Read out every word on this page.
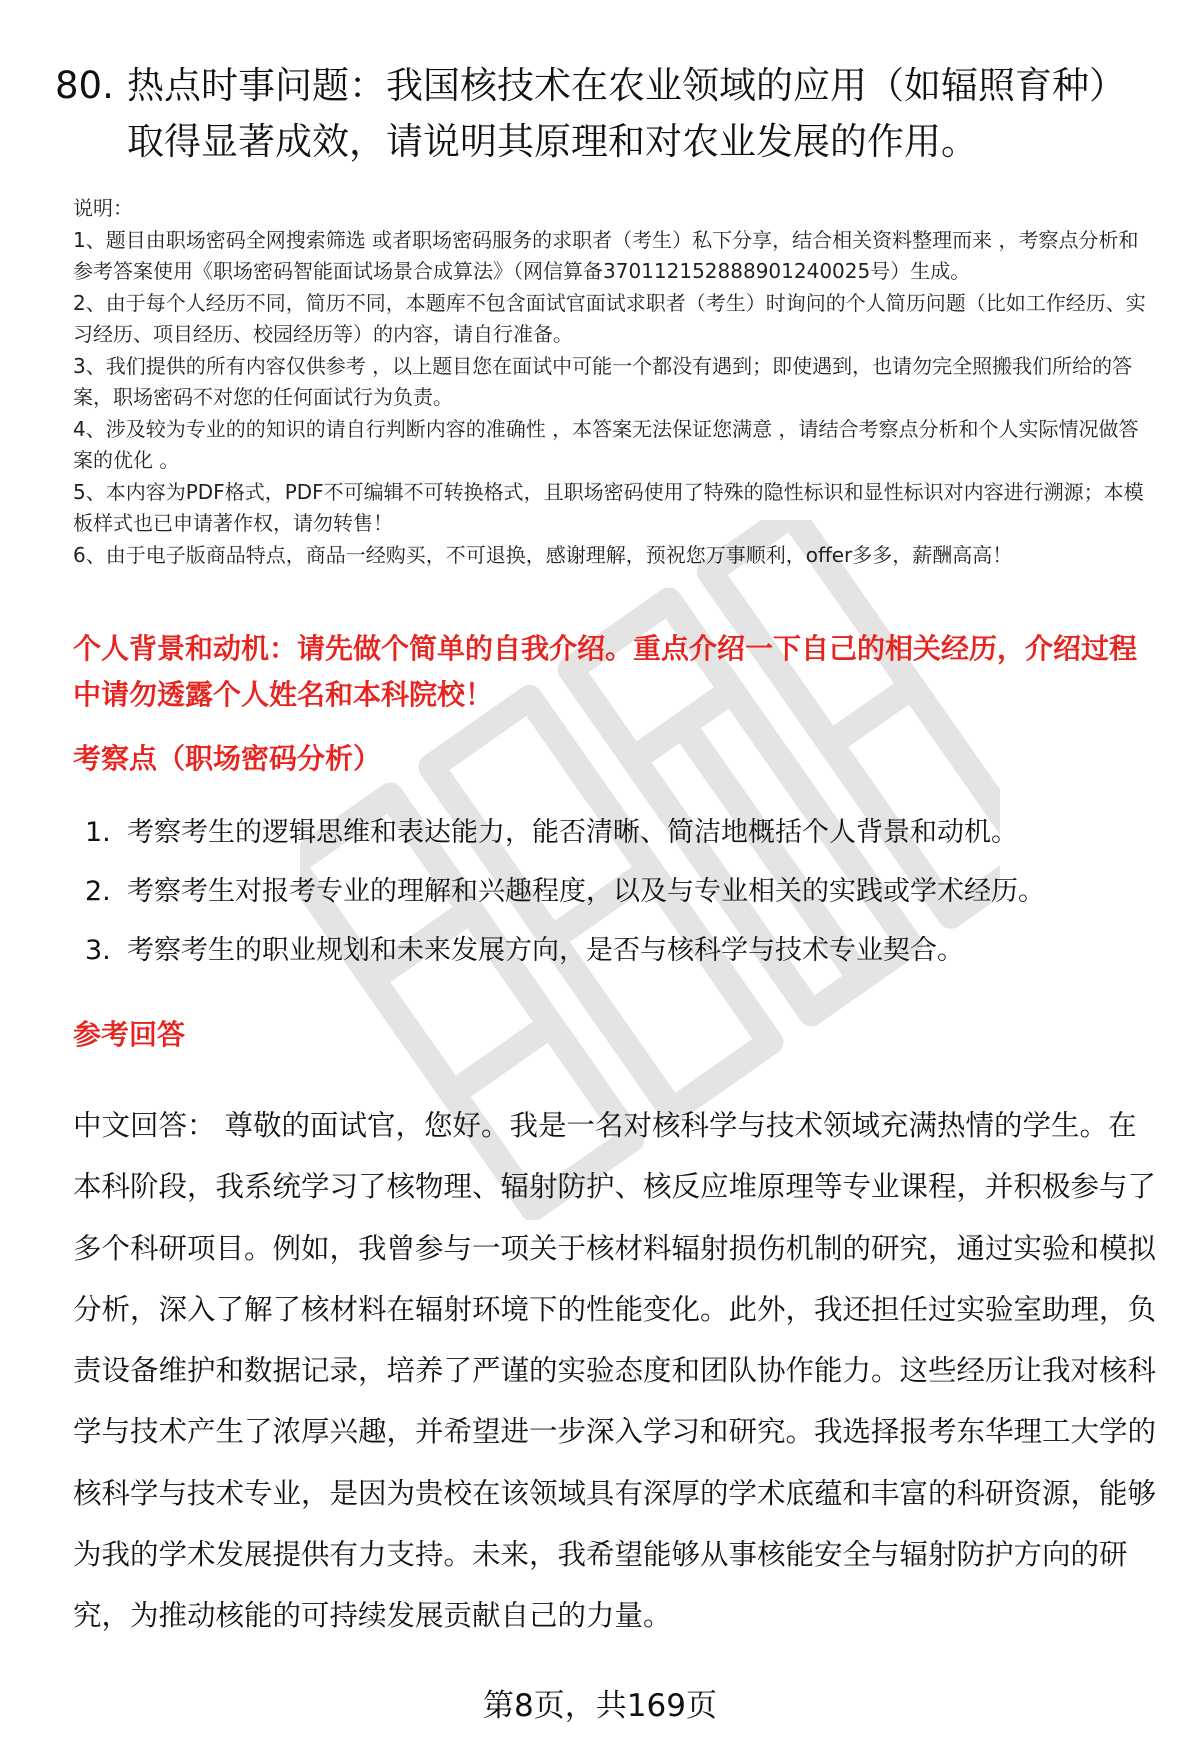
80. 热点时事问题：我国核技术在农业领域的应用（如辐照育种）取得显著成效，请说明其原理和对农业发展的作用。

说明：

1、题目由职场密码全网搜索筛选 或者职场密码服务的求职者（考生）私下分享，结合相关资料整理而来 ，考察点分析和参考答案使用《职场密码智能面试场景合成算法》（网信算备370112152888901240025号）生成。

2、由于每个人经历不同，简历不同，本题库不包含面试官面试求职者（考生）时询问的个人简历问题（比如工作经历、实习经历、项目经历、校园经历等）的内容，请自行准备。

3、我们提供的所有内容仅供参考 ，以上题目您在面试中可能一个都没有遇到；即使遇到，也请勿完全照搬我们所给的答案，职场密码不对您的任何面试行为负责。

4、涉及较为专业的的知识的请自行判断内容的准确性 ，本答案无法保证您满意 ，请结合考察点分析和个人实际情况做答案的优化 。

5、本内容为PDF格式，PDF不可编辑不可转换格式，且职场密码使用了特殊的隐性标识和显性标识对内容进行溯源；本模板样式也已申请著作权，请勿转售！

6、由于电子版商品特点，商品一经购买，不可退换，感谢理解，预祝您万事顺利，offer多多，薪酬高高！

个人背景和动机：请先做个简单的自我介绍。重点介绍一下自己的相关经历，介绍过程中请勿透露个人姓名和本科院校！
考察点（职场密码分析）
1. 考察考生的逻辑思维和表达能力，能否清晰、简洁地概括个人背景和动机。
2. 考察考生对报考专业的理解和兴趣程度，以及与专业相关的实践或学术经历。
3. 考察考生的职业规划和未来发展方向，是否与核科学与技术专业契合。
参考回答

中文回答： 尊敬的面试官，您好。我是一名对核科学与技术领域充满热情的学生。在本科阶段，我系统学习了核物理、辐射防护、核反应堆原理等专业课程，并积极参与了多个科研项目。例如，我曾参与一项关于核材料辐射损伤机制的研究，通过实验和模拟分析，深入了解了核材料在辐射环境下的性能变化。此外，我还担任过实验室助理，负责设备维护和数据记录，培养了严谨的实验态度和团队协作能力。这些经历让我对核科学与技术产生了浓厚兴趣，并希望进一步深入学习和研究。我选择报考东华理工大学的核科学与技术专业，是因为贵校在该领域具有深厚的学术底蕴和丰富的科研资源，能够为我的学术发展提供有力支持。未来，我希望能够从事核能安全与辐射防护方向的研究，为推动核能的可持续发展贡献自己的力量。

第8页，共169页
